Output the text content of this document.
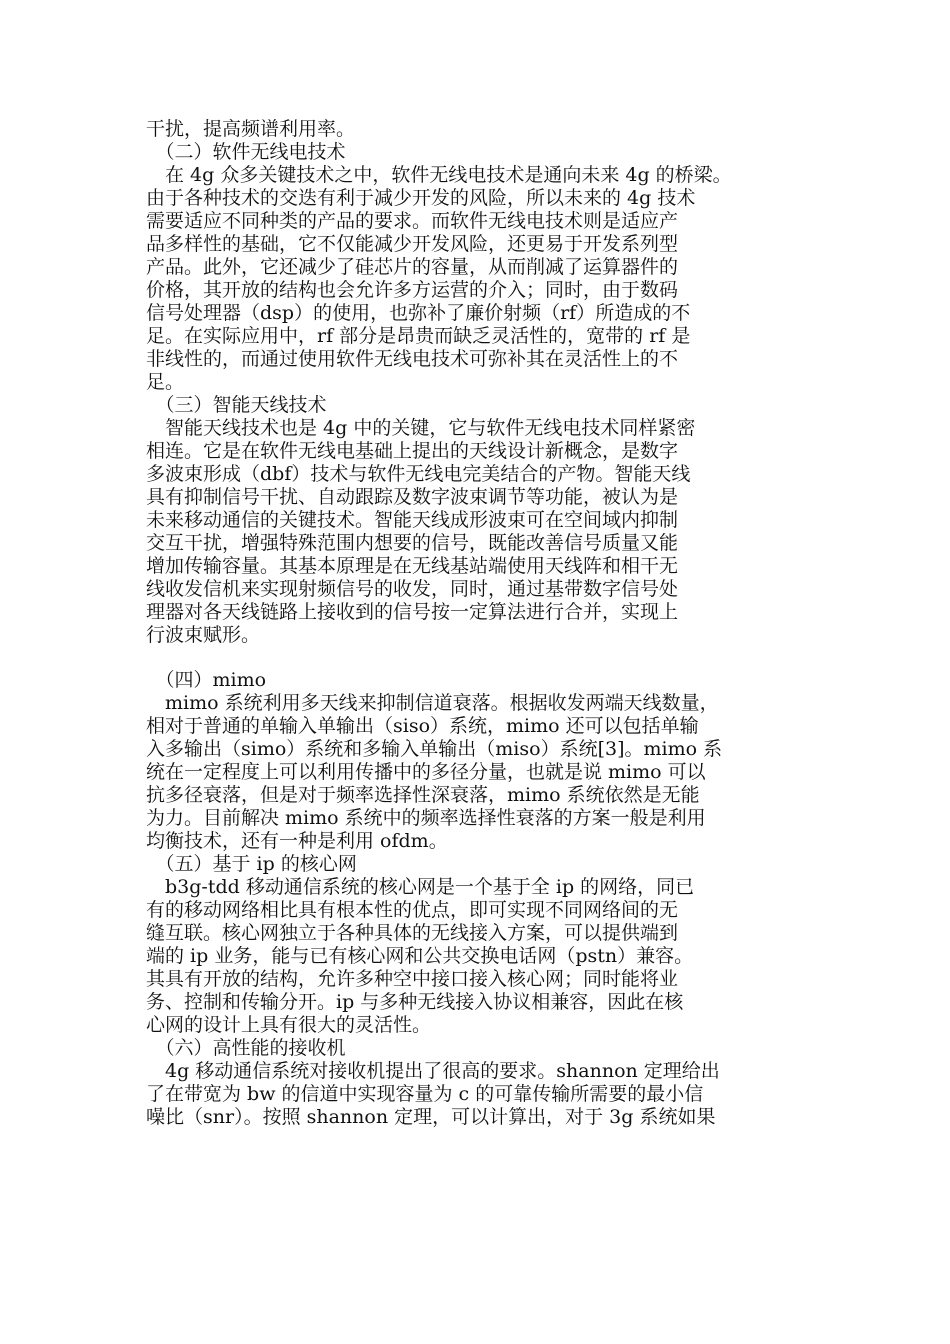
干扰，提高频谱利用率。
　（二）软件无线电技术
　在 4g 众多关键技术之中，软件无线电技术是通向未来 4g 的桥梁。
由于各种技术的交迭有利于减少开发的风险，所以未来的 4g 技术
需要适应不同种类的产品的要求。而软件无线电技术则是适应产
品多样性的基础，它不仅能减少开发风险，还更易于开发系列型
产品。此外，它还减少了硅芯片的容量，从而削减了运算器件的
价格，其开放的结构也会允许多方运营的介入；同时，由于数码
信号处理器（dsp）的使用，也弥补了廉价射频（rf）所造成的不
足。在实际应用中，rf 部分是昂贵而缺乏灵活性的，宽带的 rf 是
非线性的，而通过使用软件无线电技术可弥补其在灵活性上的不
足。
　（三）智能天线技术
　智能天线技术也是 4g 中的关键，它与软件无线电技术同样紧密
相连。它是在软件无线电基础上提出的天线设计新概念，是数字
多波束形成（dbf）技术与软件无线电完美结合的产物。智能天线
具有抑制信号干扰、自动跟踪及数字波束调节等功能，被认为是
未来移动通信的关键技术。智能天线成形波束可在空间域内抑制
交互干扰，增强特殊范围内想要的信号，既能改善信号质量又能
增加传输容量。其基本原理是在无线基站端使用天线阵和相干无
线收发信机来实现射频信号的收发，同时，通过基带数字信号处
理器对各天线链路上接收到的信号按一定算法进行合并，实现上
行波束赋形。
　（四）mimo
　mimo 系统利用多天线来抑制信道衰落。根据收发两端天线数量，
相对于普通的单输入单输出（siso）系统，mimo 还可以包括单输
入多输出（simo）系统和多输入单输出（miso）系统[3]。mimo 系
统在一定程度上可以利用传播中的多径分量，也就是说 mimo 可以
抗多径衰落，但是对于频率选择性深衰落，mimo 系统依然是无能
为力。目前解决 mimo 系统中的频率选择性衰落的方案一般是利用
均衡技术，还有一种是利用 ofdm。
　（五）基于 ip 的核心网
　b3g-tdd 移动通信系统的核心网是一个基于全 ip 的网络，同已
有的移动网络相比具有根本性的优点，即可实现不同网络间的无
缝互联。核心网独立于各种具体的无线接入方案，可以提供端到
端的 ip 业务，能与已有核心网和公共交换电话网（pstn）兼容。
其具有开放的结构，允许多种空中接口接入核心网；同时能将业
务、控制和传输分开。ip 与多种无线接入协议相兼容，因此在核
心网的设计上具有很大的灵活性。
　（六）高性能的接收机
　4g 移动通信系统对接收机提出了很高的要求。shannon 定理给出
了在带宽为 bw 的信道中实现容量为 c 的可靠传输所需要的最小信
噪比（snr）。按照 shannon 定理，可以计算出，对于 3g 系统如果
